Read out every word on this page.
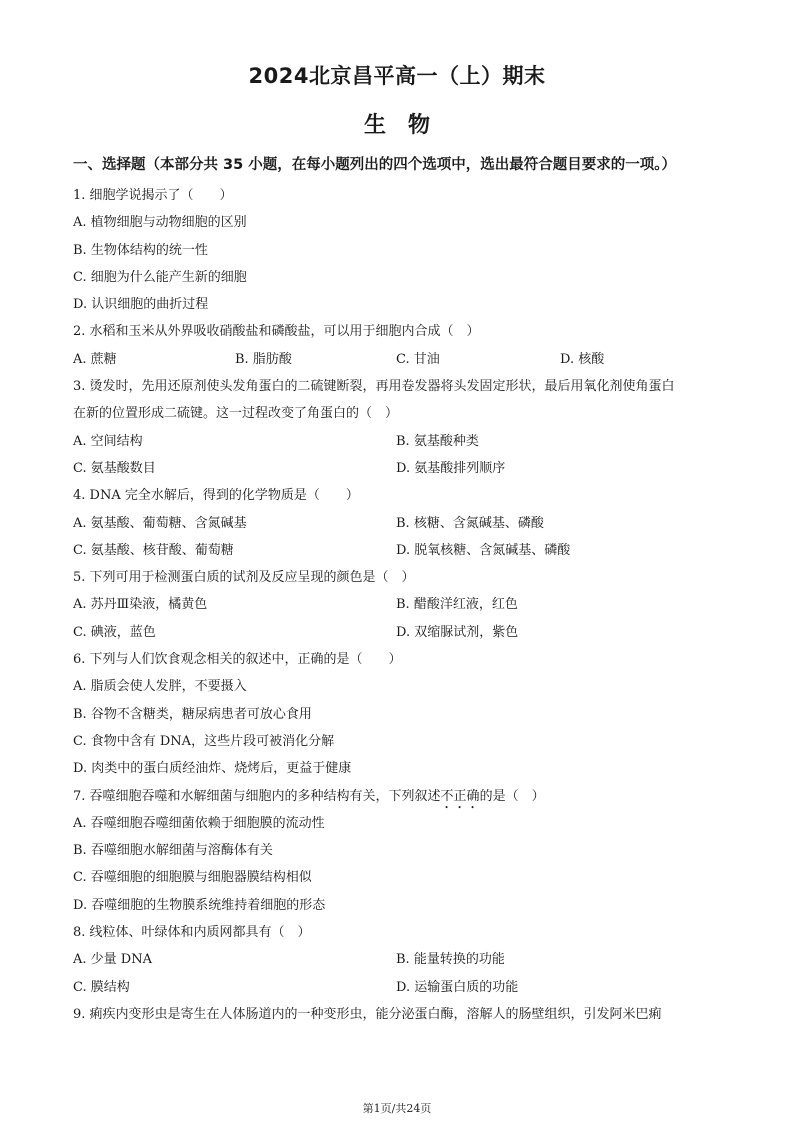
2024北京昌平高一（上）期末
生　物
一、选择题（本部分共 35 小题，在每小题列出的四个选项中，选出最符合题目要求的一项。）
1. 细胞学说揭示了（　　）
A. 植物细胞与动物细胞的区别
B. 生物体结构的统一性
C. 细胞为什么能产生新的细胞
D. 认识细胞的曲折过程
2. 水稻和玉米从外界吸收硝酸盐和磷酸盐，可以用于细胞内合成（　）
A. 蔗糖	B. 脂肪酸	C. 甘油	D. 核酸
3. 烫发时，先用还原剂使头发角蛋白的二硫键断裂，再用卷发器将头发固定形状，最后用氧化剂使角蛋白
在新的位置形成二硫键。这一过程改变了角蛋白的（　）
A. 空间结构	B. 氨基酸种类
C. 氨基酸数目	D. 氨基酸排列顺序
4. DNA 完全水解后，得到的化学物质是（　　）
A. 氨基酸、葡萄糖、含氮碱基	B. 核糖、含氮碱基、磷酸
C. 氨基酸、核苷酸、葡萄糖	D. 脱氧核糖、含氮碱基、磷酸
5. 下列可用于检测蛋白质的试剂及反应呈现的颜色是（　）
A. 苏丹Ⅲ染液，橘黄色	B. 醋酸洋红液，红色
C. 碘液，蓝色	D. 双缩脲试剂，紫色
6. 下列与人们饮食观念相关的叙述中，正确的是（　　）
A. 脂质会使人发胖，不要摄入
B. 谷物不含糖类，糖尿病患者可放心食用
C. 食物中含有 DNA，这些片段可被消化分解
D. 肉类中的蛋白质经油炸、烧烤后，更益于健康
7. 吞噬细胞吞噬和水解细菌与细胞内的多种结构有关，下列叙述不正确的是（　）
A. 吞噬细胞吞噬细菌依赖于细胞膜的流动性
B. 吞噬细胞水解细菌与溶酶体有关
C. 吞噬细胞的细胞膜与细胞器膜结构相似
D. 吞噬细胞的生物膜系统维持着细胞的形态
8. 线粒体、叶绿体和内质网都具有（　）
A. 少量 DNA	B. 能量转换的功能
C. 膜结构	D. 运输蛋白质的功能
9. 痢疾内变形虫是寄生在人体肠道内的一种变形虫，能分泌蛋白酶，溶解人的肠壁组织，引发阿米巴痢
第1页/共24页
